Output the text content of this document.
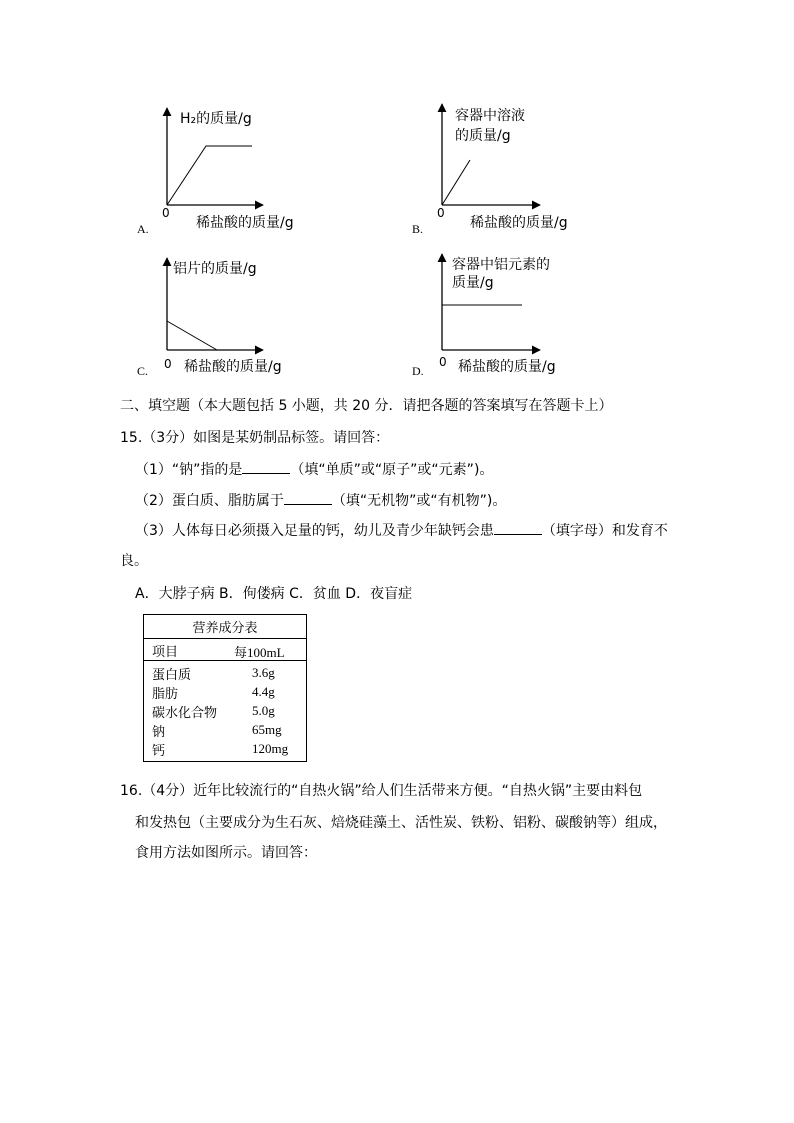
H₂的质量/g
0
稀盐酸的质量/g
A.
容器中溶液
的质量/g
0
稀盐酸的质量/g
B.
铝片的质量/g
0 稀盐酸的质量/g
C.
容器中铝元素的
质量/g
0 稀盐酸的质量/g
D.
二、填空题（本大题包括 5 小题，共 20 分．请把各题的答案填写在答题卡上）
15.（3分）如图是某奶制品标签。请回答：
（1）“钠”指的是	（填“单质”或“原子”或“元素”)。
（2）蛋白质、脂肪属于	（填“无机物”或“有机物”)。
（3）人体每日必须摄入足量的钙，幼儿及青少年缺钙会患	（填字母）和发育不
良。
A．大脖子病 B．佝偻病 C．贫血 D．夜盲症
营养成分表
项目	每100mL
蛋白质	3.6g
脂肪	4.4g
碳水化合物	5.0g
钠	65mg
钙	120mg
16.（4分）近年比较流行的“自热火锅”给人们生活带来方便。“自热火锅”主要由料包
和发热包（主要成分为生石灰、焙烧硅藻土、活性炭、铁粉、铝粉、碳酸钠等）组成，
食用方法如图所示。请回答：
